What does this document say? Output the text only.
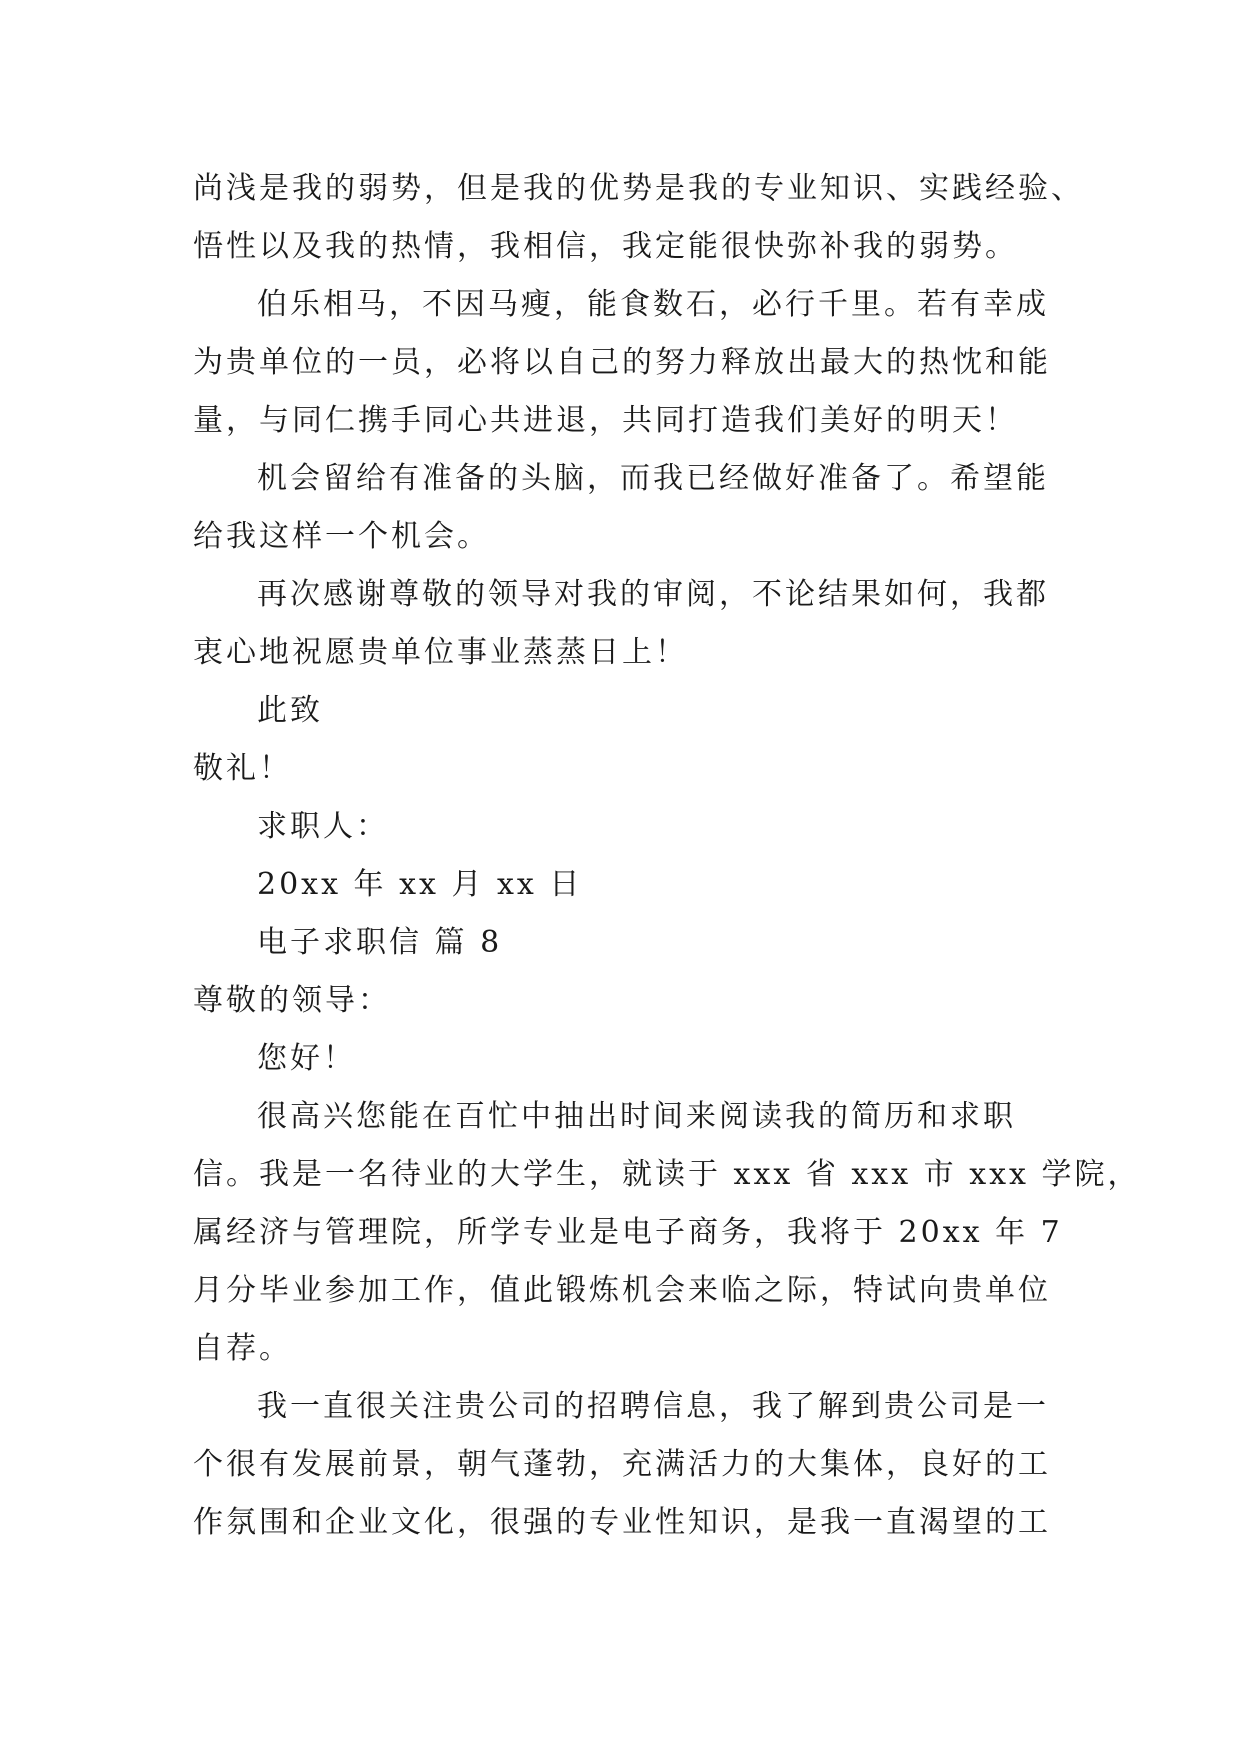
尚浅是我的弱势，但是我的优势是我的专业知识、实践经验、
悟性以及我的热情，我相信，我定能很快弥补我的弱势。
伯乐相马，不因马瘦，能食数石，必行千里。若有幸成
为贵单位的一员，必将以自己的努力释放出最大的热忱和能
量，与同仁携手同心共进退，共同打造我们美好的明天！
机会留给有准备的头脑，而我已经做好准备了。希望能
给我这样一个机会。
再次感谢尊敬的领导对我的审阅，不论结果如何，我都
衷心地祝愿贵单位事业蒸蒸日上！
此致
敬礼！
求职人：
20xx 年 xx 月 xx 日
电子求职信 篇 8
尊敬的领导：
您好！
很高兴您能在百忙中抽出时间来阅读我的简历和求职
信。我是一名待业的大学生，就读于 xxx 省 xxx 市 xxx 学院，
属经济与管理院，所学专业是电子商务，我将于 20xx 年 7
月分毕业参加工作，值此锻炼机会来临之际，特试向贵单位
自荐。
我一直很关注贵公司的招聘信息，我了解到贵公司是一
个很有发展前景，朝气蓬勃，充满活力的大集体，良好的工
作氛围和企业文化，很强的专业性知识，是我一直渴望的工
